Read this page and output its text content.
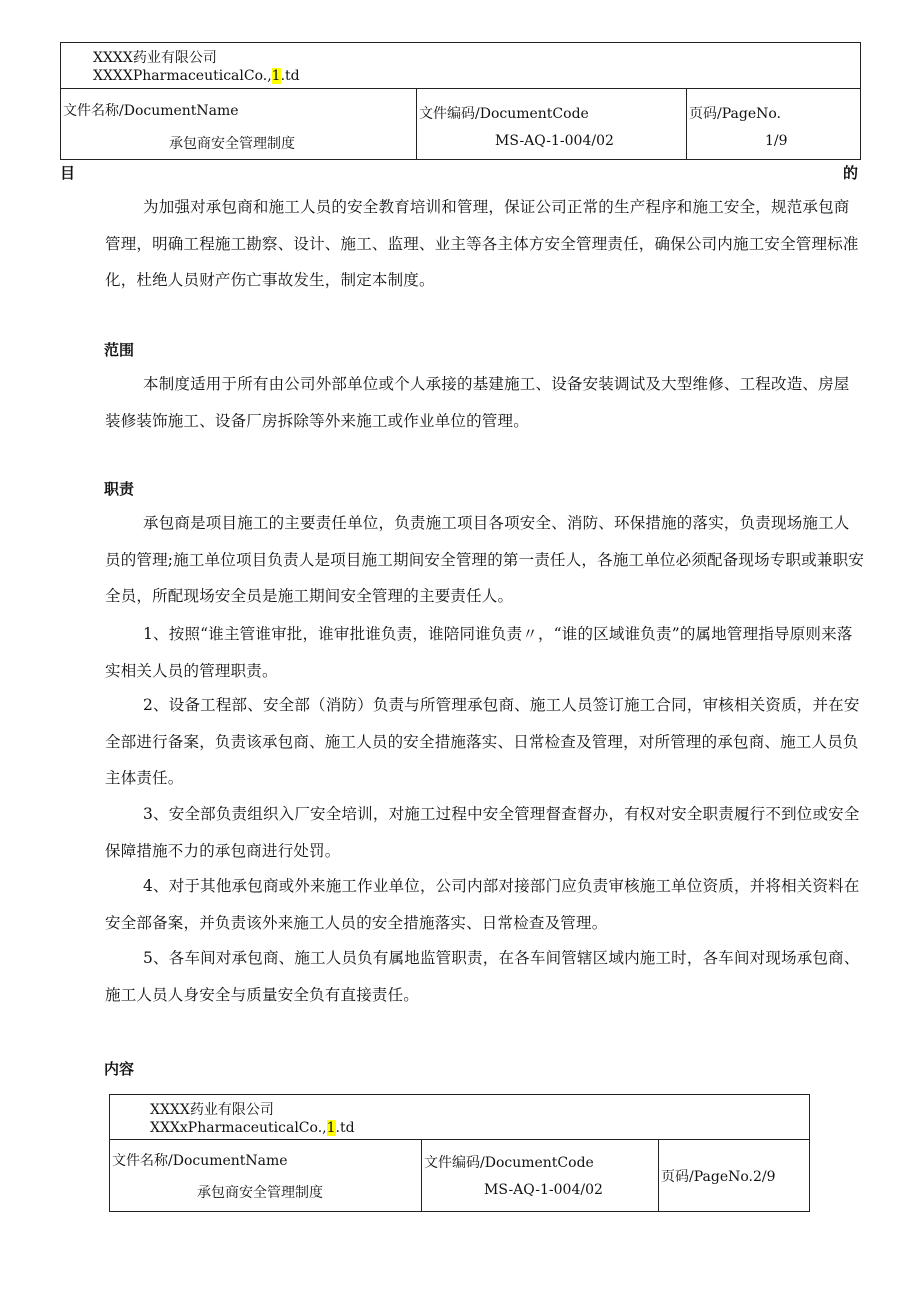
XXXX药业有限公司
XXXXPharmaceuticalCo.,1.td
文件名称/DocumentName
承包商安全管理制度
文件编码/DocumentCode
MS-AQ-1-004/02
页码/PageNo.
1/9
目	的

为加强对承包商和施工人员的安全教育培训和管理，保证公司正常的生产程序和施工安全，规范承包商管理，明确工程施工勘察、设计、施工、监理、业主等各主体方安全管理责任，确保公司内施工安全管理标准化，杜绝人员财产伤亡事故发生，制定本制度。

范围

本制度适用于所有由公司外部单位或个人承接的基建施工、设备安装调试及大型维修、工程改造、房屋装修装饰施工、设备厂房拆除等外来施工或作业单位的管理。

职责

承包商是项目施工的主要责任单位，负责施工项目各项安全、消防、环保措施的落实，负责现场施工人员的管理;施工单位项目负责人是项目施工期间安全管理的第一责任人，各施工单位必须配备现场专职或兼职安全员，所配现场安全员是施工期间安全管理的主要责任人。

1、按照“谁主管谁审批，谁审批谁负责，谁陪同谁负责〃，“谁的区域谁负责”的属地管理指导原则来落实相关人员的管理职责。

2、设备工程部、安全部（消防）负责与所管理承包商、施工人员签订施工合同，审核相关资质，并在安全部进行备案，负责该承包商、施工人员的安全措施落实、日常检查及管理，对所管理的承包商、施工人员负主体责任。

3、安全部负责组织入厂安全培训，对施工过程中安全管理督查督办，有权对安全职责履行不到位或安全保障措施不力的承包商进行处罚。

4、对于其他承包商或外来施工作业单位，公司内部对接部门应负责审核施工单位资质，并将相关资料在安全部备案，并负责该外来施工人员的安全措施落实、日常检查及管理。

5、各车间对承包商、施工人员负有属地监管职责，在各车间管辖区域内施工时，各车间对现场承包商、施工人员人身安全与质量安全负有直接责任。

内容
XXXX药业有限公司
XXXxPharmaceuticalCo.,1.td
文件名称/DocumentName
承包商安全管理制度
文件编码/DocumentCode
MS-AQ-1-004/02
页码/PageNo.2/9
